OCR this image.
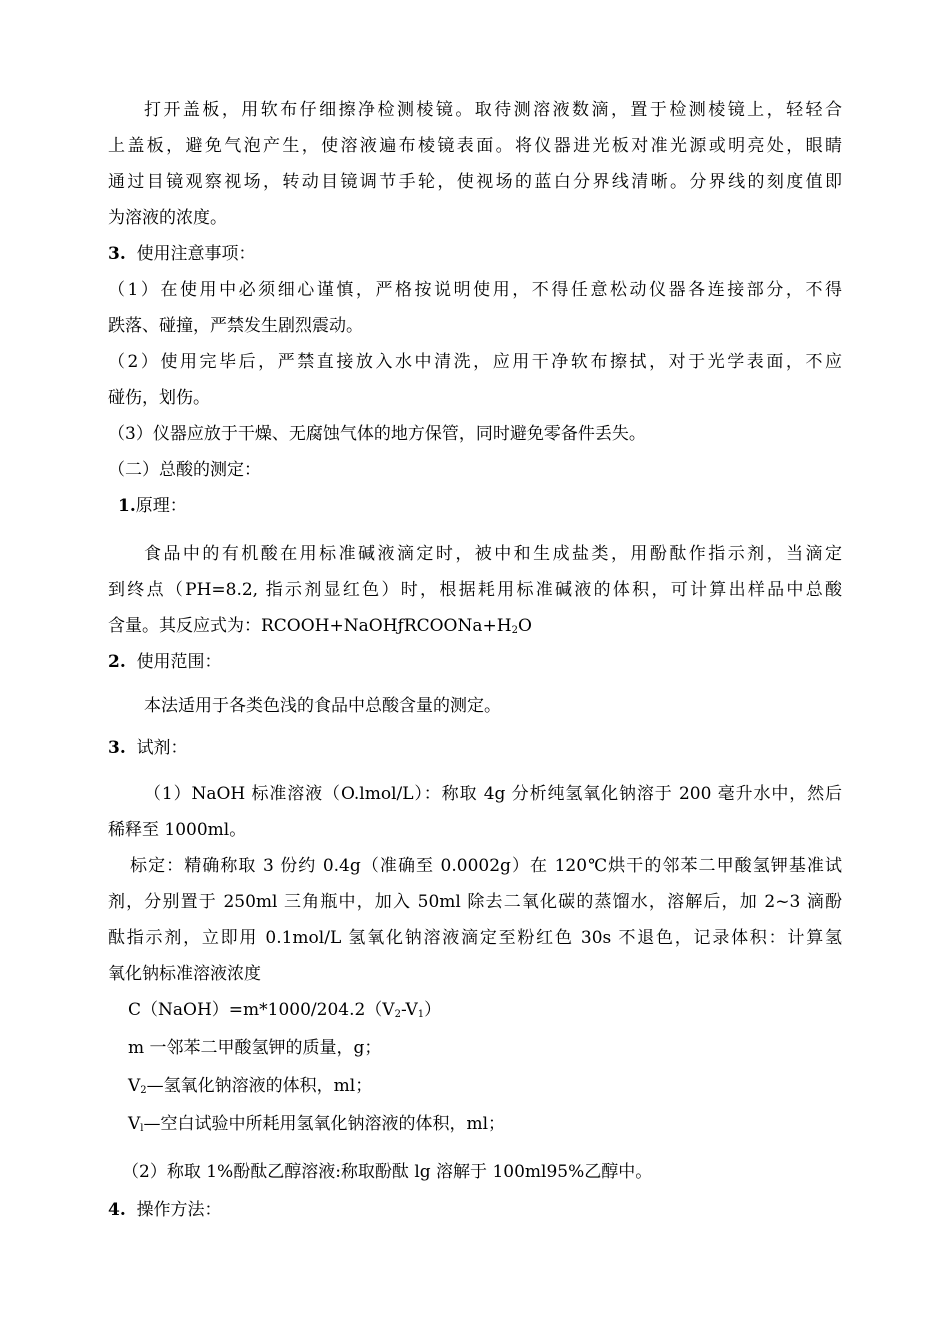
打开盖板，用软布仔细擦净检测棱镜。取待测溶液数滴，置于检测棱镜上，轻轻合
上盖板，避免气泡产生，使溶液遍布棱镜表面。将仪器进光板对准光源或明亮处，眼睛
通过目镜观察视场，转动目镜调节手轮，使视场的蓝白分界线清晰。分界线的刻度值即
为溶液的浓度。
3. 使用注意事项：
（1）在使用中必须细心谨慎，严格按说明使用，不得任意松动仪器各连接部分，不得
跌落、碰撞，严禁发生剧烈震动。
（2）使用完毕后，严禁直接放入水中清洗，应用干净软布擦拭，对于光学表面，不应
碰伤，划伤。
（3）仪器应放于干燥、无腐蚀气体的地方保管，同时避免零备件丢失。
（二）总酸的测定：
1.原理：
食品中的有机酸在用标准碱液滴定时，被中和生成盐类，用酚酞作指示剂，当滴定
到终点（PH=8.2, 指示剂显红色）时，根据耗用标准碱液的体积，可计算出样品中总酸
含量。其反应式为：$RCOOH+NaOHƒRCOONa+H_2O$
2. 使用范围：
本法适用于各类色浅的食品中总酸含量的测定。
3. 试剂：
（1）NaOH 标准溶液（O.lmol/L）：称取 4g 分析纯氢氧化钠溶于 200 毫升水中，然后
稀释至 1000ml。
标定：精确称取 3 份约 0.4g（准确至 0.0002g）在 120℃烘干的邻苯二甲酸氢钾基准试
剂，分别置于 250ml 三角瓶中，加入 50ml 除去二氧化碳的蒸馏水，溶解后，加 2~3 滴酚
酞指示剂，立即用 0.1mol/L 氢氧化钠溶液滴定至粉红色 30s 不退色，记录体积：计算氢
氧化钠标准溶液浓度
$C(NaOH)=m*1000/204.2(V_2-V_1)$
m 一邻苯二甲酸氢钾的质量，g；
$V_2—$氢氧化钠溶液的体积，ml；
$V_l—$空白试验中所耗用氢氧化钠溶液的体积，ml；
（2）称取 1%酚酞乙醇溶液:称取酚酞 lg 溶解于 100ml95%乙醇中。
4. 操作方法：
